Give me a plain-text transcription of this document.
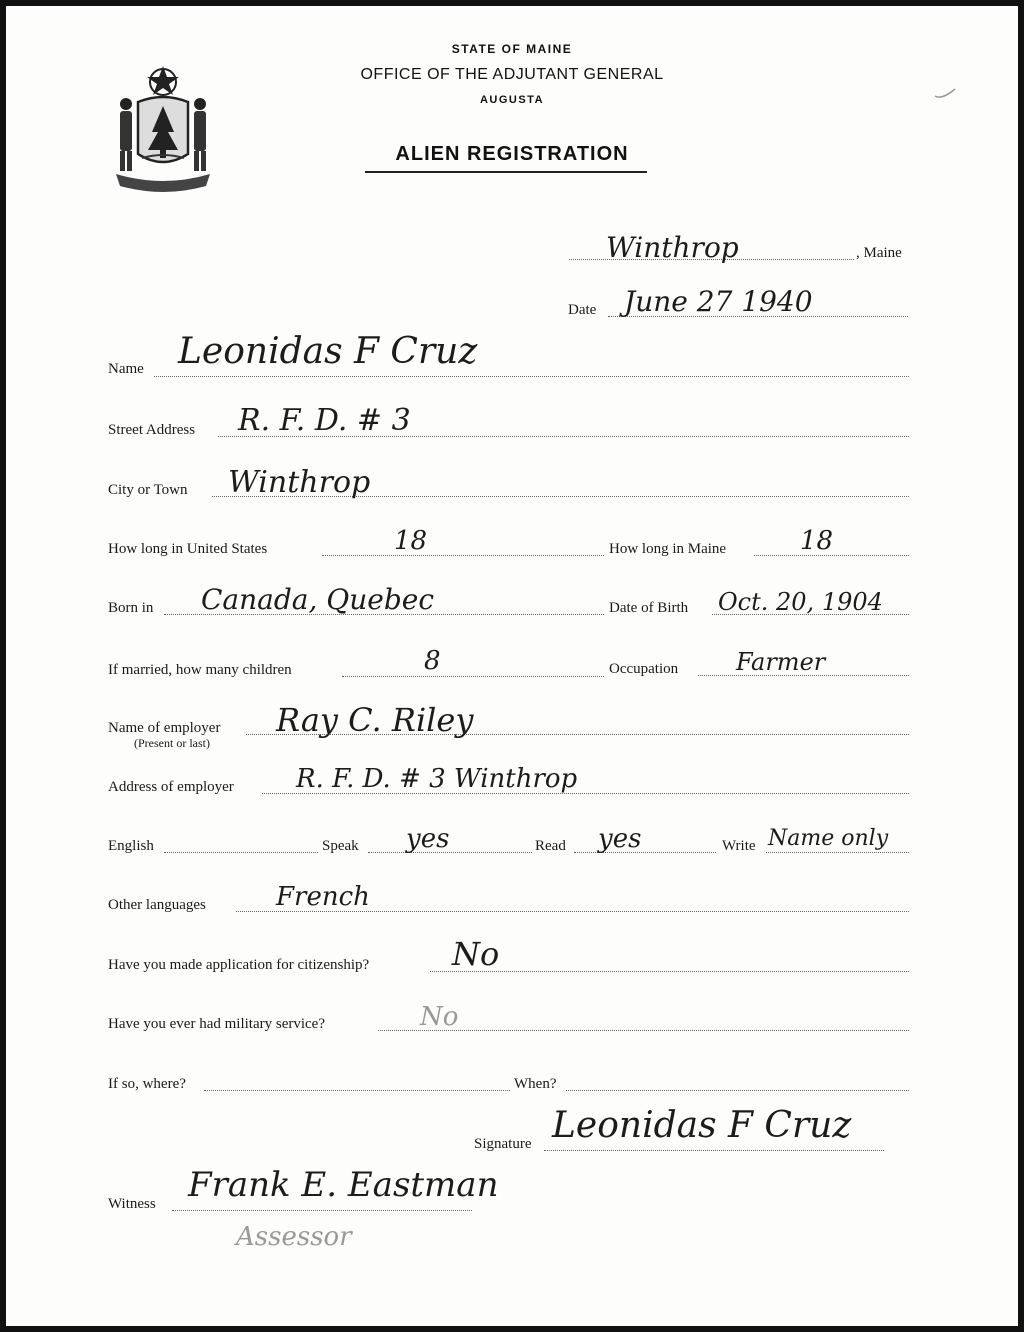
STATE OF MAINE
OFFICE OF THE ADJUTANT GENERAL
AUGUSTA
ALIEN REGISTRATION
Winthrop	, Maine
Date June 27 1940
Name Leonidas F Cruz
Street Address R. F. D. # 3
City or Town Winthrop
How long in United States	18	How long in Maine	18
Born in Canada, Quebec	Date of Birth Oct. 20, 1904
If married, how many children	8	Occupation Farmer
Name of employer
(Present or last)
Ray C. Riley
Address of employer R. F. D. # 3 Winthrop
English	Speak yes	Read yes	Write Name only
Other languages	French
Have you made application for citizenship?	No
Have you ever had military service?	No
If so, where?	When?
Signature Leonidas F Cruz
Witness Frank E. Eastman
Assessor
